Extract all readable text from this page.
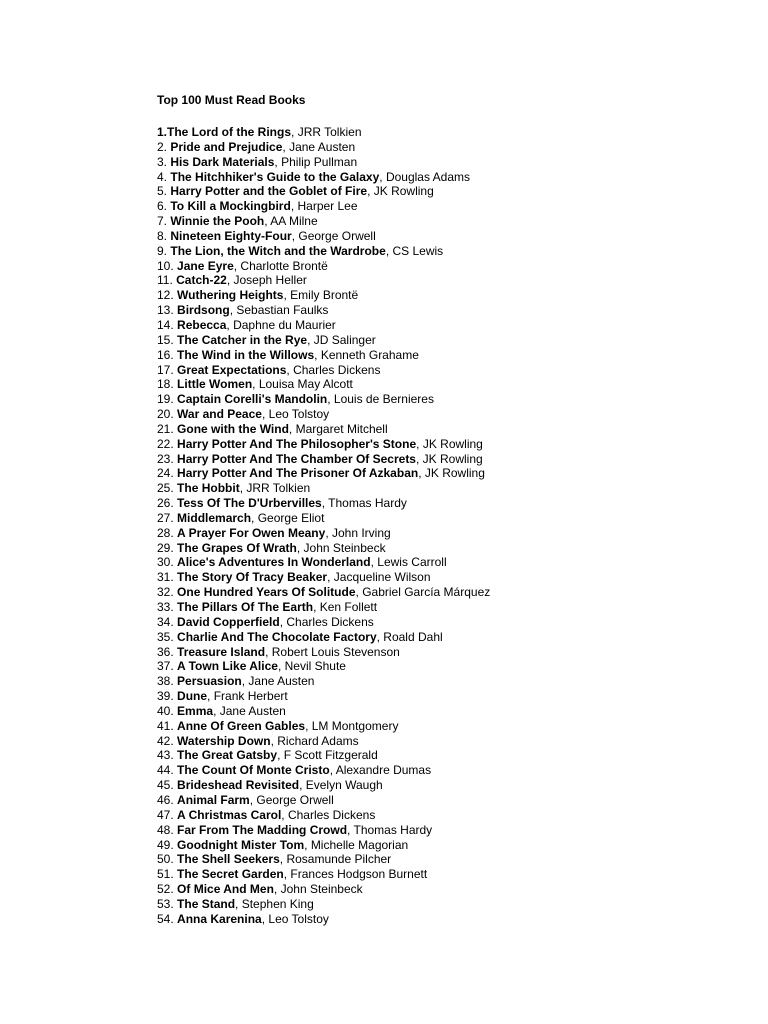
Top 100 Must Read Books
1.The Lord of the Rings, JRR Tolkien
2. Pride and Prejudice, Jane Austen
3. His Dark Materials, Philip Pullman
4. The Hitchhiker's Guide to the Galaxy, Douglas Adams
5. Harry Potter and the Goblet of Fire, JK Rowling
6. To Kill a Mockingbird, Harper Lee
7. Winnie the Pooh, AA Milne
8. Nineteen Eighty-Four, George Orwell
9. The Lion, the Witch and the Wardrobe, CS Lewis
10. Jane Eyre, Charlotte Brontë
11. Catch-22, Joseph Heller
12. Wuthering Heights, Emily Brontë
13. Birdsong, Sebastian Faulks
14. Rebecca, Daphne du Maurier
15. The Catcher in the Rye, JD Salinger
16. The Wind in the Willows, Kenneth Grahame
17. Great Expectations, Charles Dickens
18. Little Women, Louisa May Alcott
19. Captain Corelli's Mandolin, Louis de Bernieres
20. War and Peace, Leo Tolstoy
21. Gone with the Wind, Margaret Mitchell
22. Harry Potter And The Philosopher's Stone, JK Rowling
23. Harry Potter And The Chamber Of Secrets, JK Rowling
24. Harry Potter And The Prisoner Of Azkaban, JK Rowling
25. The Hobbit, JRR Tolkien
26. Tess Of The D'Urbervilles, Thomas Hardy
27. Middlemarch, George Eliot
28. A Prayer For Owen Meany, John Irving
29. The Grapes Of Wrath, John Steinbeck
30. Alice's Adventures In Wonderland, Lewis Carroll
31. The Story Of Tracy Beaker, Jacqueline Wilson
32. One Hundred Years Of Solitude, Gabriel García Márquez
33. The Pillars Of The Earth, Ken Follett
34. David Copperfield, Charles Dickens
35. Charlie And The Chocolate Factory, Roald Dahl
36. Treasure Island, Robert Louis Stevenson
37. A Town Like Alice, Nevil Shute
38. Persuasion, Jane Austen
39. Dune, Frank Herbert
40. Emma, Jane Austen
41. Anne Of Green Gables, LM Montgomery
42. Watership Down, Richard Adams
43. The Great Gatsby, F Scott Fitzgerald
44. The Count Of Monte Cristo, Alexandre Dumas
45. Brideshead Revisited, Evelyn Waugh
46. Animal Farm, George Orwell
47. A Christmas Carol, Charles Dickens
48. Far From The Madding Crowd, Thomas Hardy
49. Goodnight Mister Tom, Michelle Magorian
50. The Shell Seekers, Rosamunde Pilcher
51. The Secret Garden, Frances Hodgson Burnett
52. Of Mice And Men, John Steinbeck
53. The Stand, Stephen King
54. Anna Karenina, Leo Tolstoy
